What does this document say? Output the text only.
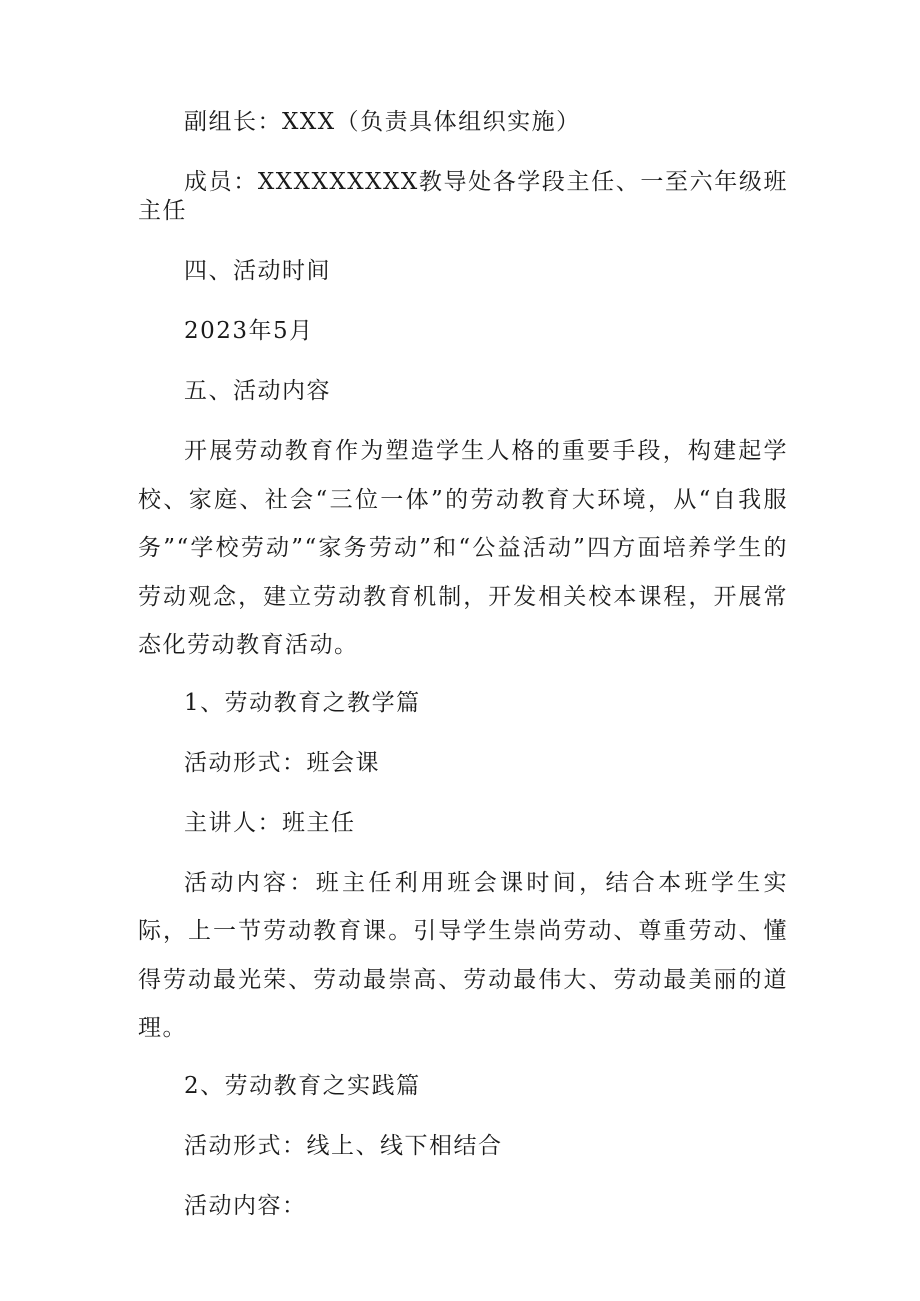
副组长：XXX（负责具体组织实施）

成员：XXXXXXXXX教导处各学段主任、一至六年级班主任

四、活动时间

2023年5月

五、活动内容

开展劳动教育作为塑造学生人格的重要手段，构建起学校、家庭、社会“三位一体”的劳动教育大环境，从“自我服务”“学校劳动”“家务劳动”和“公益活动”四方面培养学生的劳动观念，建立劳动教育机制，开发相关校本课程，开展常态化劳动教育活动。

1、劳动教育之教学篇

活动形式：班会课

主讲人：班主任

活动内容：班主任利用班会课时间，结合本班学生实际，上一节劳动教育课。引导学生崇尚劳动、尊重劳动、懂得劳动最光荣、劳动最崇高、劳动最伟大、劳动最美丽的道理。

2、劳动教育之实践篇

活动形式：线上、线下相结合

活动内容：
